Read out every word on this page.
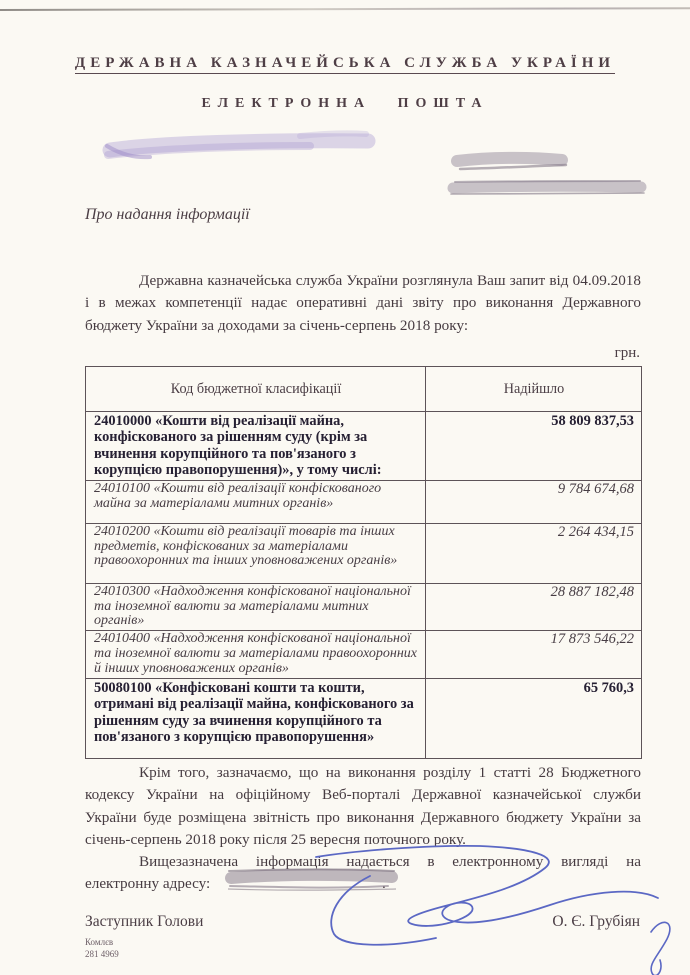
ДЕРЖАВНА КАЗНАЧЕЙСЬКА СЛУЖБА УКРАЇНИ
ЕЛЕКТРОННА ПОШТА
Про надання інформації
Державна казначейська служба України розглянула Ваш запит від 04.09.2018 і в межах компетенції надає оперативні дані звіту про виконання Державного бюджету України за доходами за січень-серпень 2018 року:
грн.
Код бюджетної класифікації	Надійшло
24010000 «Кошти від реалізації майна, конфіскованого за рішенням суду (крім за вчинення корупційного та пов'язаного з корупцією правопорушення)», у тому числі:	58 809 837,53
24010100 «Кошти від реалізації конфіскованого майна за матеріалами митних органів»	9 784 674,68
24010200 «Кошти від реалізації товарів та інших предметів, конфіскованих за матеріалами правоохоронних та інших уповноважених органів»	2 264 434,15
24010300 «Надходження конфіскованої національної та іноземної валюти за матеріалами митних органів»	28 887 182,48
24010400 «Надходження конфіскованої національної та іноземної валюти за матеріалами правоохоронних й інших уповноважених органів»	17 873 546,22
50080100 «Конфісковані кошти та кошти, отримані від реалізації майна, конфіскованого за рішенням суду за вчинення корупційного та пов'язаного з корупцією правопорушення»	65 760,3
Крім того, зазначаємо, що на виконання розділу 1 статті 28 Бюджетного кодексу України на офіційному Веб-порталі Державної казначейської служби України буде розміщена звітність про виконання Державного бюджету України за січень-серпень 2018 року після 25 вересня поточного року.
Вищезазначена інформація надається в електронному вигляді на
електронну адресу:	.
Заступник Голови	О. Є. Грубіян
Комлєв
281 4969
